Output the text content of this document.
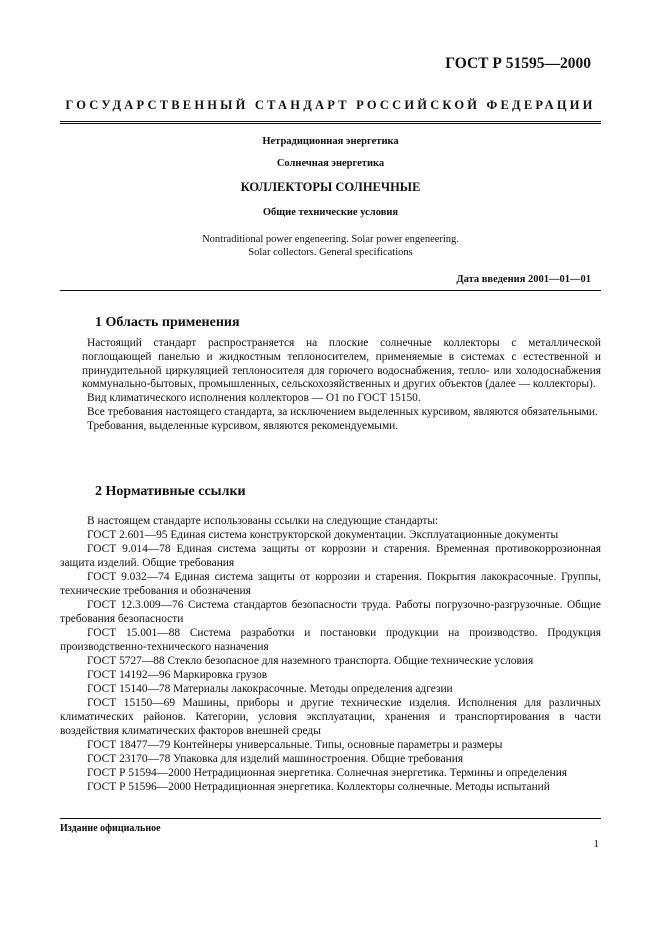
ГОСТ Р 51595—2000
ГОСУДАРСТВЕННЫЙ СТАНДАРТ РОССИЙСКОЙ ФЕДЕРАЦИИ
Нетрадиционная энергетика
Солнечная энергетика
КОЛЛЕКТОРЫ СОЛНЕЧНЫЕ
Общие технические условия
Nontraditional power engeneering. Solar power engeneering.
Solar collectors. General specifications
Дата введения 2001—01—01
1 Область применения

Настоящий стандарт распространяется на плоские солнечные коллекторы с металлической поглощающей панелью и жидкостным теплоносителем, применяемые в системах с естественной и принудительной циркуляцией теплоносителя для горючего водоснабжения, тепло- или холодоснабжения коммунально-бытовых, промышленных, сельскохозяйственных и других объектов (далее — коллекторы).

Вид климатического исполнения коллекторов — О1 по ГОСТ 15150.

Все требования настоящего стандарта, за исключением выделенных курсивом, являются обязательными.

Требования, выделенные курсивом, являются рекомендуемыми.

2 Нормативные ссылки

В настоящем стандарте использованы ссылки на следующие стандарты:

ГОСТ 2.601—95 Единая система конструкторской документации. Эксплуатационные документы

ГОСТ 9.014—78 Единая система защиты от коррозии и старения. Временная противокоррозионная защита изделий. Общие требования

ГОСТ 9.032—74 Единая система защиты от коррозии и старения. Покрытия лакокрасочные. Группы, технические требования и обозначения

ГОСТ 12.3.009—76 Система стандартов безопасности труда. Работы погрузочно-разгрузочные. Общие требования безопасности

ГОСТ 15.001—88 Система разработки и постановки продукции на производство. Продукция производственно-технического назначения

ГОСТ 5727—88 Стекло безопасное для наземного транспорта. Общие технические условия

ГОСТ 14192—96 Маркировка грузов

ГОСТ 15140—78 Материалы лакокрасочные. Методы определения адгезии

ГОСТ 15150—69 Машины, приборы и другие технические изделия. Исполнения для различных климатических районов. Категории, условия эксплуатации, хранения и транспортирования в части воздействия климатических факторов внешней среды

ГОСТ 18477—79 Контейнеры универсальные. Типы, основные параметры и размеры

ГОСТ 23170—78 Упаковка для изделий машиностроения. Общие требования

ГОСТ Р 51594—2000 Нетрадиционная энергетика. Солнечная энергетика. Термины и определения

ГОСТ Р 51596—2000 Нетрадиционная энергетика. Коллекторы солнечные. Методы испытаний

Издание официальное
1
